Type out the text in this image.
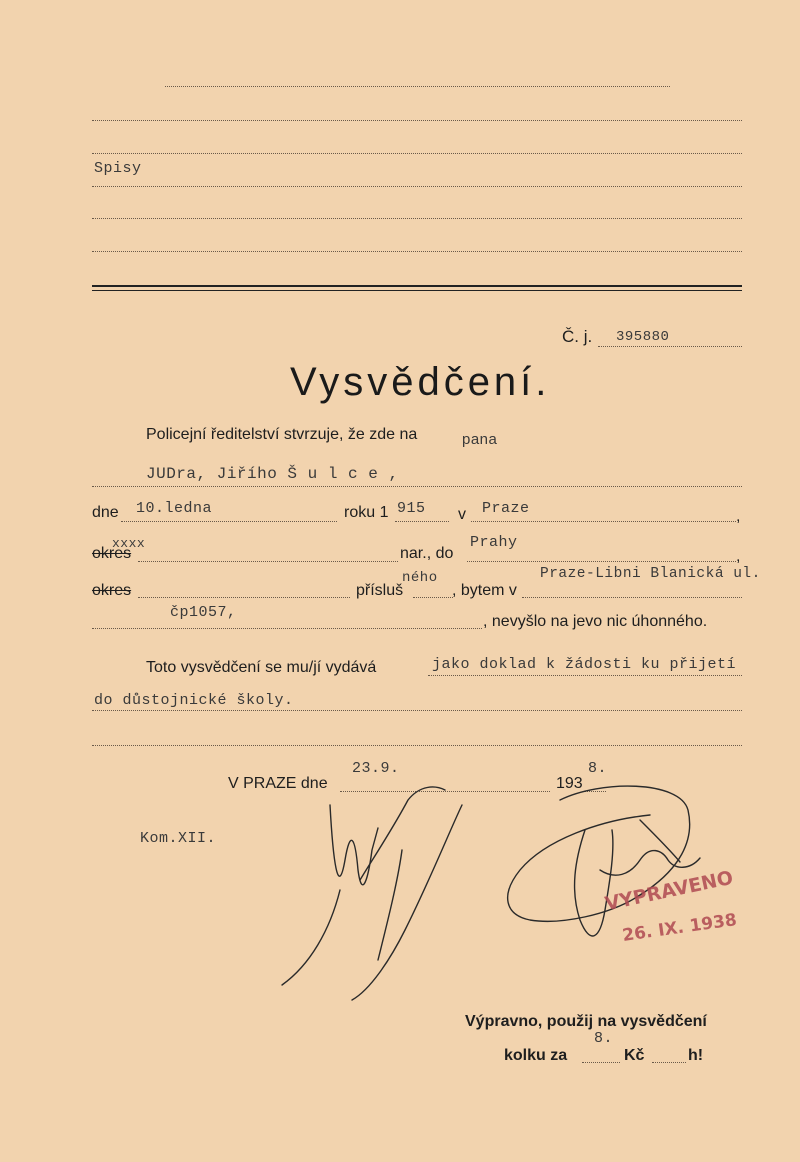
Spisy
Č. j. 395880
Vysvědčení.
Policejní ředitelství stvrzuje, že zde na	pana
JUDra, Jiřího Š u l c e ,
dne 10.ledna	roku 1 915 v Praze	,
okres
xxxx
nar., do
Prahy
,
okres	přísluš
ného
, bytem v
Praze-Libni Blanická ul.
čp1057,
, nevyšlo na jevo nic úhonného.
Toto vysvědčení se mu/jí vydává	jako doklad k žádosti ku přijetí
do důstojnické školy.
V PRAZE dne
23.9.
193
8.
Kom.XII.
VYPRAVENO
26. IX. 1938
Výpravno, použij na vysvědčení
kolku za
8.
Kč	h!
